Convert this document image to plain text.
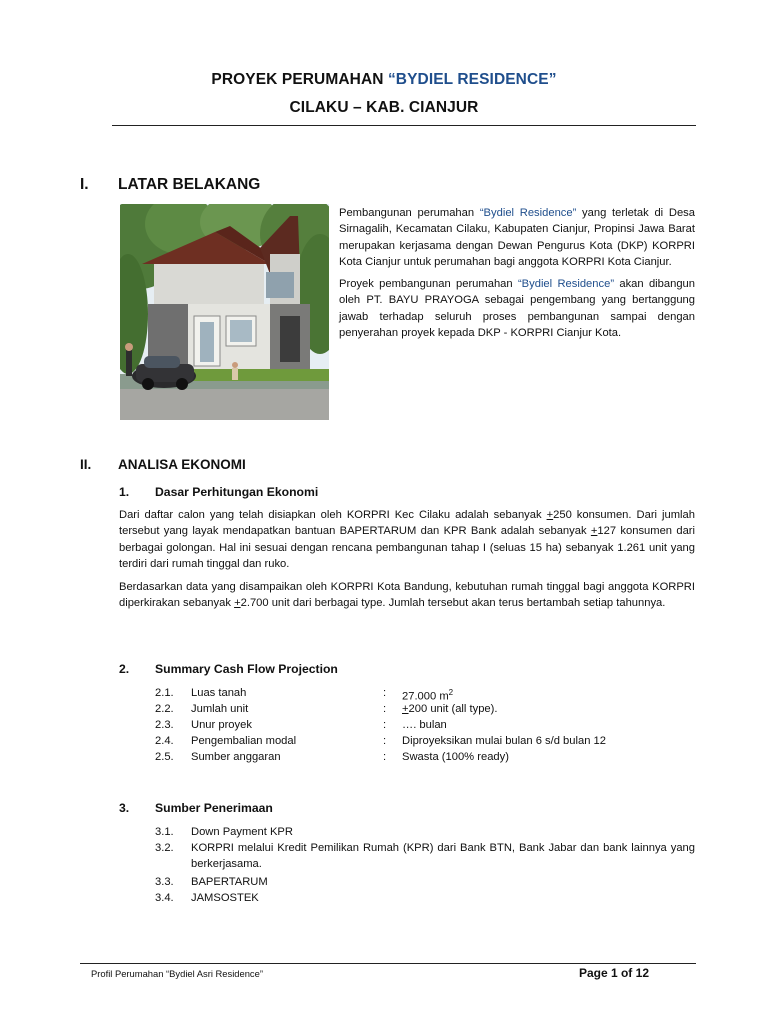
PROYEK PERUMAHAN “BYDIEL RESIDENCE”
CILAKU – KAB. CIANJUR
I. LATAR BELAKANG

Pembangunan perumahan “Bydiel Residence” yang terletak di Desa Sirnagalih, Kecamatan Cilaku, Kabupaten Cianjur, Propinsi Jawa Barat merupakan kerjasama dengan Dewan Pengurus Kota (DKP) KORPRI Kota Cianjur untuk perumahan bagi anggota KORPRI Kota Cianjur.

Proyek pembangunan perumahan “Bydiel Residence” akan dibangun oleh PT. BAYU PRAYOGA sebagai pengembang yang bertanggung jawab terhadap seluruh proses pembangunan sampai dengan penyerahan proyek kepada DKP - KORPRI Cianjur Kota.

II. ANALISA EKONOMI
1. Dasar Perhitungan Ekonomi

Dari daftar calon yang telah disiapkan oleh KORPRI Kec Cilaku adalah sebanyak +250 konsumen. Dari jumlah tersebut yang layak mendapatkan bantuan BAPERTARUM dan KPR Bank adalah sebanyak +127 konsumen dari berbagai golongan. Hal ini sesuai dengan rencana pembangunan tahap I (seluas 15 ha) sebanyak 1.261 unit yang terdiri dari rumah tinggal dan ruko.

Berdasarkan data yang disampaikan oleh KORPRI Kota Bandung, kebutuhan rumah tinggal bagi anggota KORPRI diperkirakan sebanyak +2.700 unit dari berbagai type. Jumlah tersebut akan terus bertambah setiap tahunnya.

2. Summary Cash Flow Projection
2.1.	Luas tanah	: 27.000 $m^2$
2.2.	Jumlah unit	: +200 unit (all type).
2.3.	Unur proyek	: …. bulan
2.4.	Pengembalian modal	: Diproyeksikan mulai bulan 6 s/d bulan 12
2.5.	Sumber anggaran	: Swasta (100% ready)
3. Sumber Penerimaan
3.1.	Down Payment KPR
3.2.	KORPRI melalui Kredit Pemilikan Rumah (KPR) dari Bank BTN, Bank Jabar dan bank lainnya yang berkerjasama.
3.3.	BAPERTARUM
3.4.	JAMSOSTEK
Profil Perumahan “Bydiel Asri Residence”	Page 1 of 12
